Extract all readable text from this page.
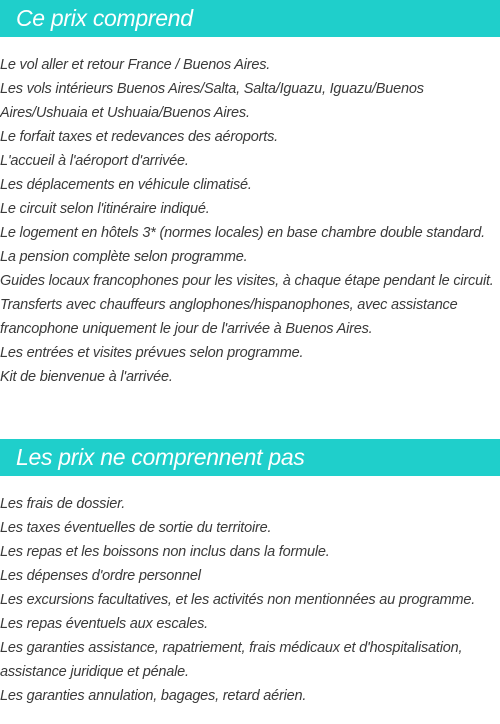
Ce prix comprend
Le vol aller et retour France / Buenos Aires.
Les vols intérieurs Buenos Aires/Salta, Salta/Iguazu, Iguazu/Buenos Aires/Ushuaia et Ushuaia/Buenos Aires.
Le forfait taxes et redevances des aéroports.
L'accueil à l'aéroport d'arrivée.
Les déplacements en véhicule climatisé.
Le circuit selon l'itinéraire indiqué.
Le logement en hôtels 3* (normes locales) en base chambre double standard.
La pension complète selon programme.
Guides locaux francophones pour les visites, à chaque étape pendant le circuit.
Transferts avec chauffeurs anglophones/hispanophones, avec assistance francophone uniquement le jour de l'arrivée à Buenos Aires.
Les entrées et visites prévues selon programme.
Kit de bienvenue à l'arrivée.
Les prix ne comprennent pas
Les frais de dossier.
Les taxes éventuelles de sortie du territoire.
Les repas et les boissons non inclus dans la formule.
Les dépenses d'ordre personnel
Les excursions facultatives, et les activités non mentionnées au programme.
Les repas éventuels aux escales.
Les garanties assistance, rapatriement, frais médicaux et d'hospitalisation, assistance juridique et pénale.
Les garanties annulation, bagages, retard aérien.
